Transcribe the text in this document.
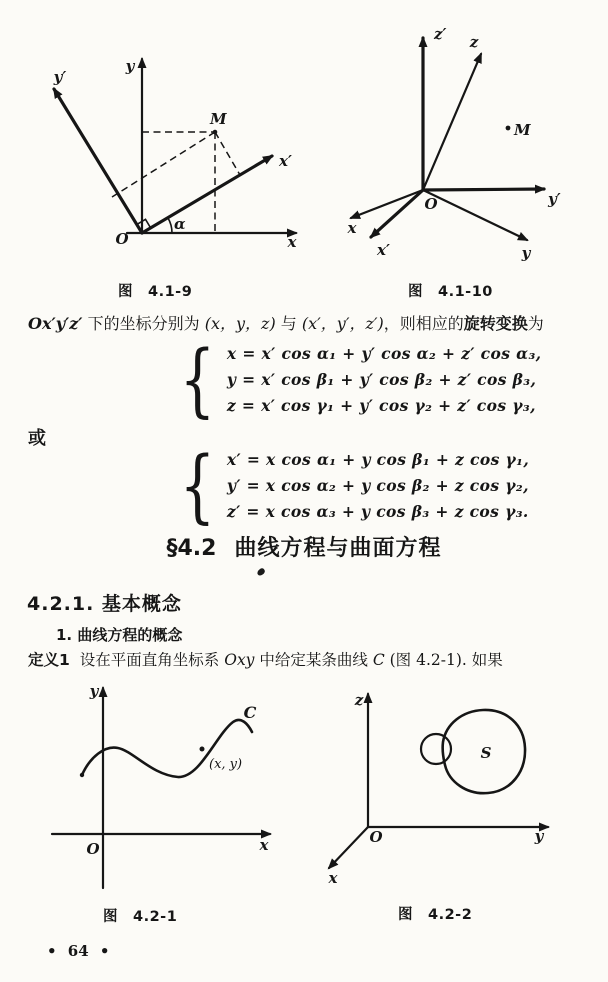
y
y′
x
x′
M
O
α
图　4.1-9
z′ z
M
y′
y
x
x′
O
图　4.1-10

Ox′y′z′ 下的坐标分别为 (x，y，z) 与 (x′，y′，z′)，则相应的旋转变换为

{ x = x′ cos α₁ + y′ cos α₂ + z′ cos α₃,
y = x′ cos β₁ + y′ cos β₂ + z′ cos β₃,
z = x′ cos γ₁ + y′ cos γ₂ + z′ cos γ₃,
或
{ x′ = x cos α₁ + y cos β₁ + z cos γ₁,
y′ = x cos α₂ + y cos β₂ + z cos γ₂,
z′ = x cos α₃ + y cos β₃ + z cos γ₃.
§4.2 曲线方程与曲面方程
4.2.1. 基本概念
1. 曲线方程的概念

定义1 设在平面直角坐标系 Oxy 中给定某条曲线 C (图 4.2-1). 如果

y
x
O
C
(x, y)
图　4.2-1
z
y
x
O
S
图　4.2-2
• 64 •
